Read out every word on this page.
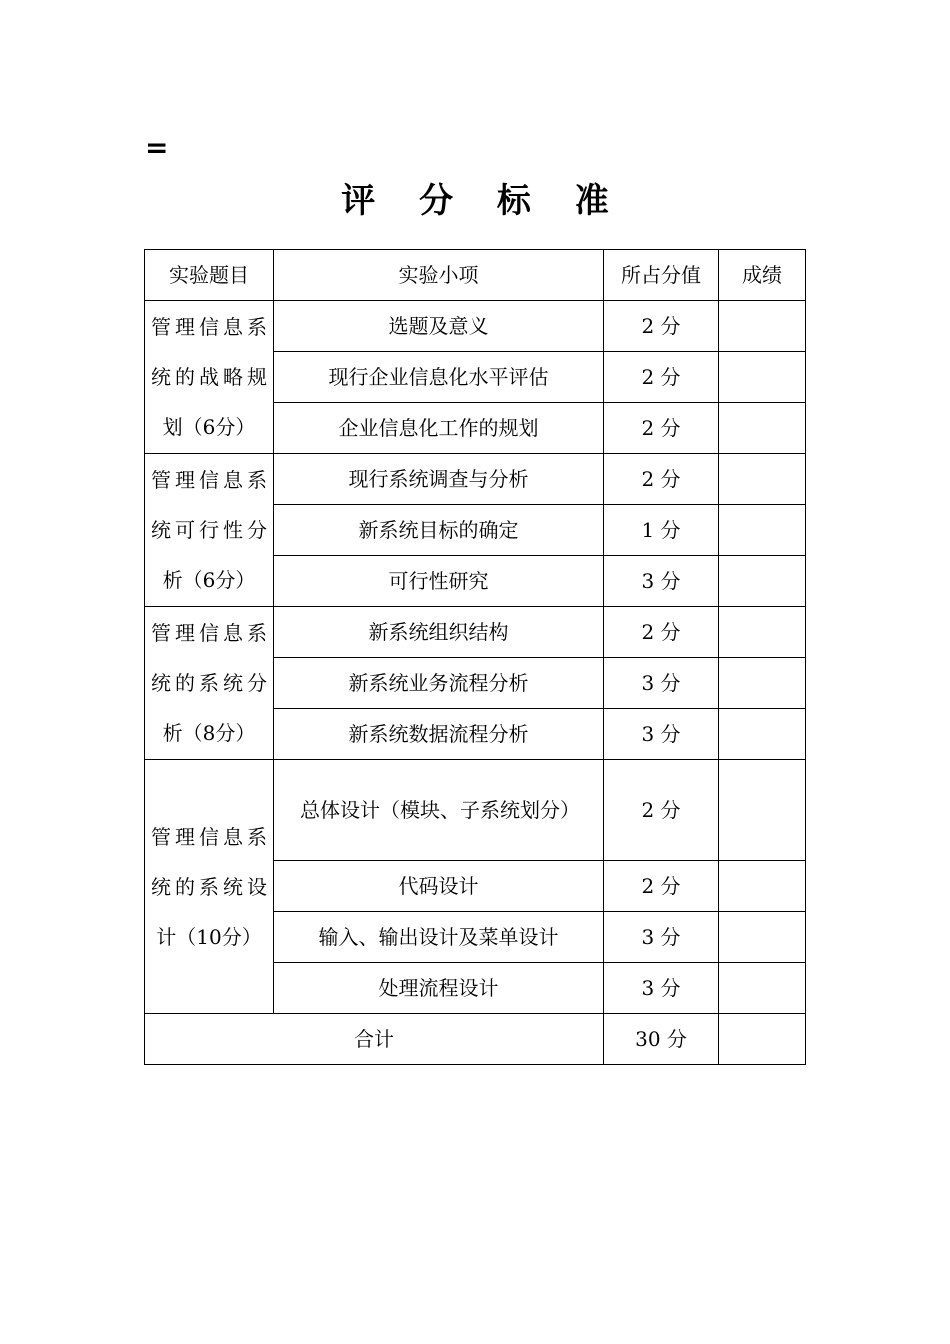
=
评 分 标 准
实验题目	实验小项	所占分值	成绩
管理信息系统的战略规划（6分）	选题及意义	2 分	
	现行企业信息化水平评估	2 分	
	企业信息化工作的规划	2 分	
管理信息系统可行性分析（6分）	现行系统调查与分析	2 分	
	新系统目标的确定	1 分	
	可行性研究	3 分	
管理信息系统的系统分析（8分）	新系统组织结构	2 分	
	新系统业务流程分析	3 分	
	新系统数据流程分析	3 分	
管理信息系统的系统设计（10分）	总体设计（模块、子系统划分）	2 分	
	代码设计	2 分	
	输入、输出设计及菜单设计	3 分	
	处理流程设计	3 分	
合计		30 分	
